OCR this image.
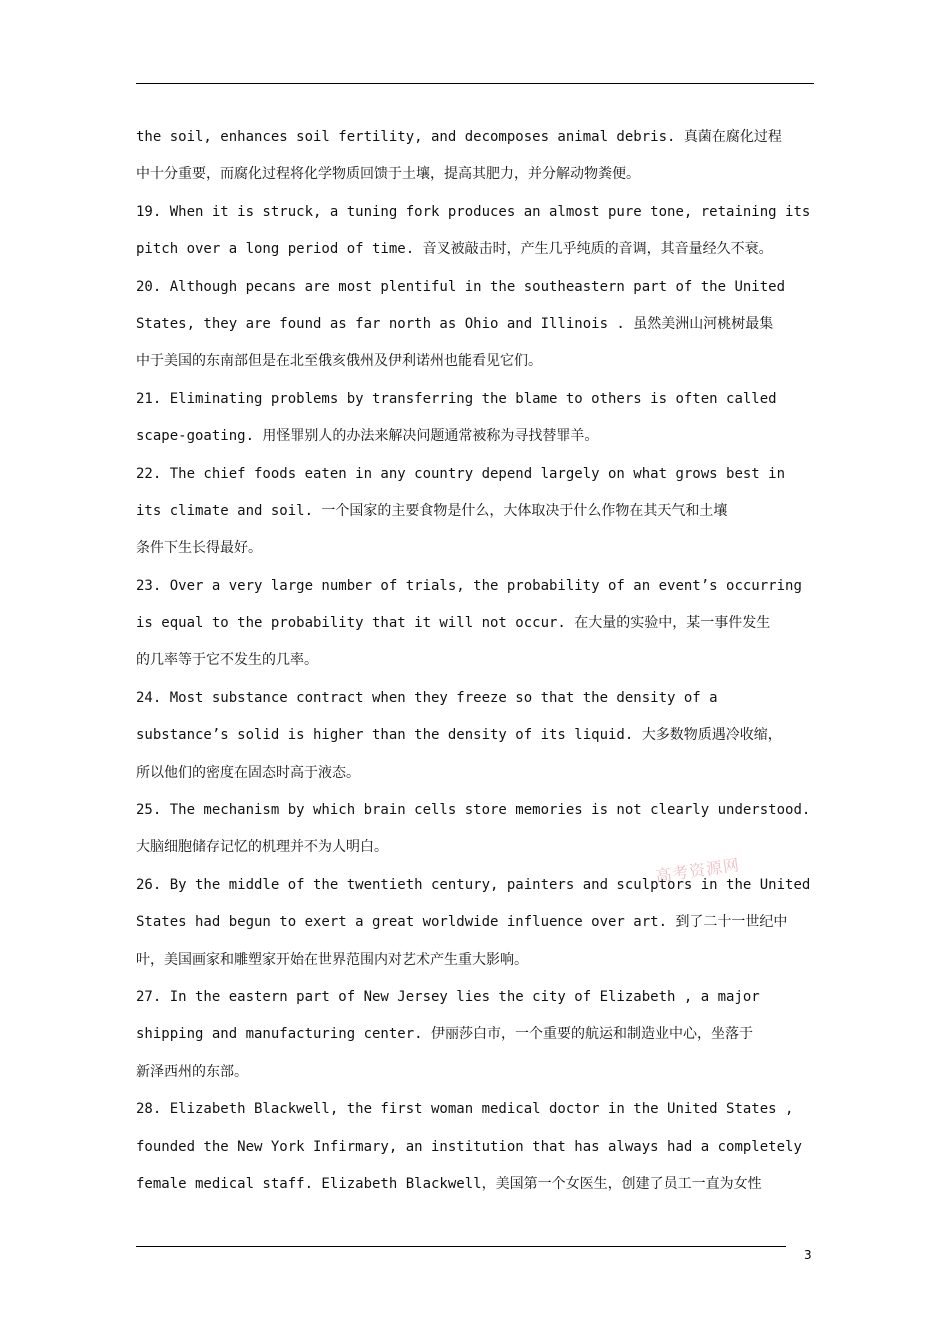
the soil, enhances soil fertility, and decomposes animal debris. 真菌在腐化过程
中十分重要，而腐化过程将化学物质回馈于土壤，提高其肥力，并分解动物粪便。
19. When it is struck, a tuning fork produces an almost pure tone, retaining its
pitch over a long period of time. 音叉被敲击时，产生几乎纯质的音调，其音量经久不衰。
20. Although pecans are most plentiful in the southeastern part of the United
States, they are found as far north as Ohio and Illinois . 虽然美洲山河桃树最集
中于美国的东南部但是在北至俄亥俄州及伊利诺州也能看见它们。
21. Eliminating problems by transferring the blame to others is often called
scape-goating. 用怪罪别人的办法来解决问题通常被称为寻找替罪羊。
22. The chief foods eaten in any country depend largely on what grows best in
its climate and soil. 一个国家的主要食物是什么，大体取决于什么作物在其天气和土壤
条件下生长得最好。
23. Over a very large number of trials, the probability of an event’s occurring
is equal to the probability that it will not occur. 在大量的实验中，某一事件发生
的几率等于它不发生的几率。
24. Most substance contract when they freeze so that the density of a
substance’s solid is higher than the density of its liquid. 大多数物质遇冷收缩，
所以他们的密度在固态时高于液态。
25. The mechanism by which brain cells store memories is not clearly understood.
大脑细胞储存记忆的机理并不为人明白。
26. By the middle of the twentieth century, painters and sculptors in the United
States had begun to exert a great worldwide influence over art. 到了二十一世纪中
叶，美国画家和雕塑家开始在世界范围内对艺术产生重大影响。
27. In the eastern part of New Jersey lies the city of Elizabeth , a major
shipping and manufacturing center. 伊丽莎白市，一个重要的航运和制造业中心，坐落于
新泽西州的东部。
28. Elizabeth Blackwell, the first woman medical doctor in the United States ,
founded the New York Infirmary, an institution that has always had a completely
female medical staff. Elizabeth Blackwell，美国第一个女医生，创建了员工一直为女性
高考资源网
3
